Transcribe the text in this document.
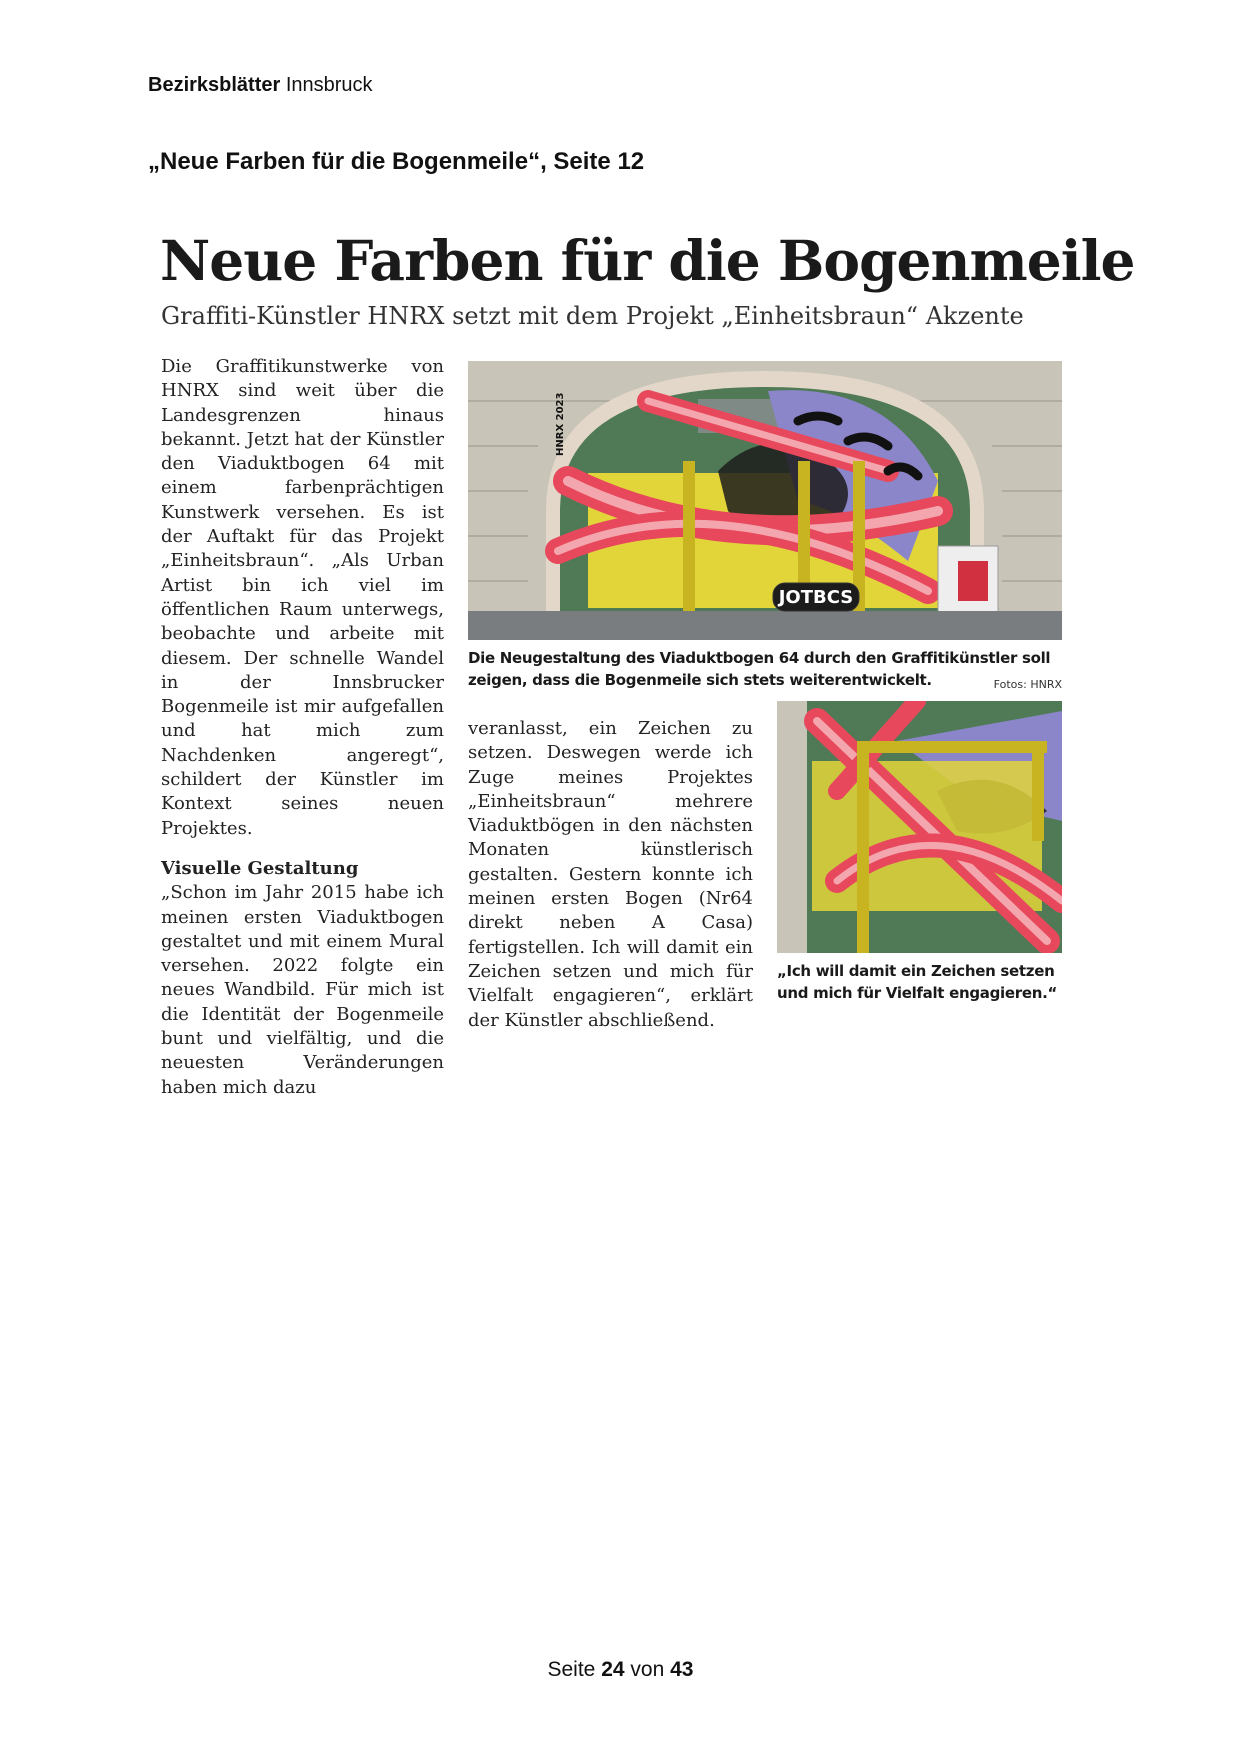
Bezirksblätter Innsbruck
„Neue Farben für die Bogenmeile“, Seite 12
Neue Farben für die Bogenmeile
Graffiti-Künstler HNRX setzt mit dem Projekt „Einheitsbraun“ Akzente

Die Graffitikunstwerke von HNRX sind weit über die Landesgrenzen hinaus bekannt. Jetzt hat der Künstler den Viaduktbogen 64 mit einem farbenprächtigen Kunstwerk versehen. Es ist der Auftakt für das Projekt „Einheitsbraun“. „Als Urban Artist bin ich viel im öffentlichen Raum unterwegs, beobachte und arbeite mit diesem. Der schnelle Wandel in der Innsbrucker Bogenmeile ist mir aufgefallen und hat mich zum Nachdenken angeregt“, schildert der Künstler im Kontext seines neuen Projektes.

Visuelle Gestaltung

„Schon im Jahr 2015 habe ich meinen ersten Viaduktbogen gestaltet und mit einem Mural versehen. 2022 folgte ein neues Wandbild. Für mich ist die Identität der Bogenmeile bunt und vielfältig, und die neuesten Veränderungen haben mich dazu

JOTBCS
HNRX 2023
Die Neugestaltung des Viaduktbogen 64 durch den Graffitikünstler soll zeigen, dass die Bogenmeile sich stets weiterentwickelt.	Fotos: HNRX

veranlasst, ein Zeichen zu setzen. Deswegen werde ich Zuge meines Projektes „Einheitsbraun“ mehrere Viaduktbögen in den nächsten Monaten künstlerisch gestalten. Gestern konnte ich meinen ersten Bogen (Nr64 direkt neben A Casa) fertigstellen. Ich will damit ein Zeichen setzen und mich für Vielfalt engagieren“, erklärt der Künstler abschließend.

„Ich will damit ein Zeichen setzen und mich für Vielfalt engagieren.“
Seite 24 von 43
